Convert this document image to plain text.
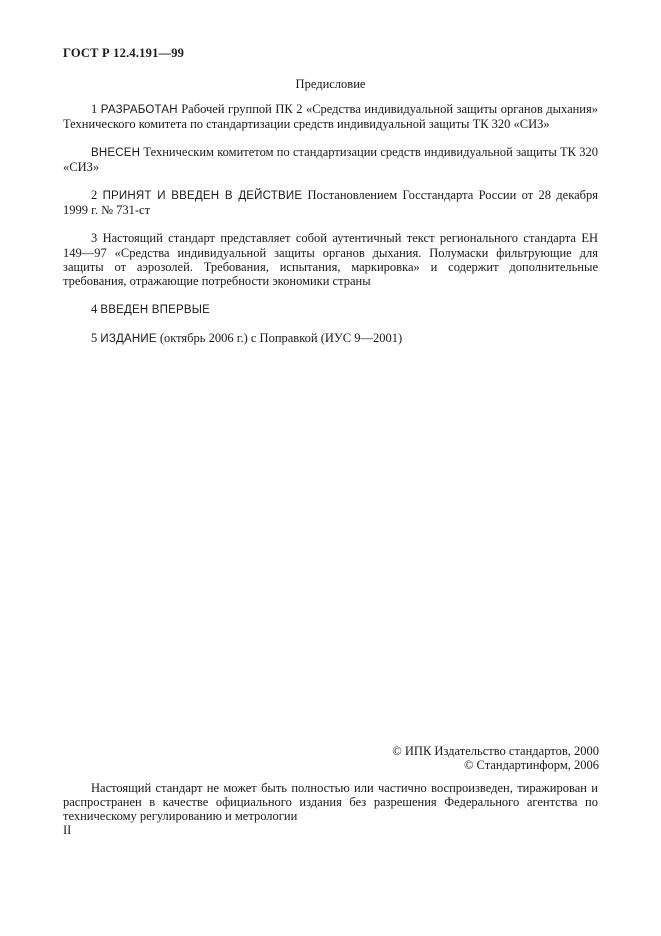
ГОСТ Р 12.4.191—99
Предисловие

1 РАЗРАБОТАН Рабочей группой ПК 2 «Средства индивидуальной защиты органов дыхания» Технического комитета по стандартизации средств индивидуальной защиты ТК 320 «СИЗ»

ВНЕСЕН Техническим комитетом по стандартизации средств индивидуальной защиты ТК 320 «СИЗ»

2 ПРИНЯТ И ВВЕДЕН В ДЕЙСТВИЕ Постановлением Госстандарта России от 28 декабря 1999 г. № 731-ст

3 Настоящий стандарт представляет собой аутентичный текст регионального стандарта ЕН 149—97 «Средства индивидуальной защиты органов дыхания. Полумаски фильтрующие для защиты от аэрозолей. Требования, испытания, маркировка» и содержит дополнительные требования, отражающие потребности экономики страны

4 ВВЕДЕН ВПЕРВЫЕ

5 ИЗДАНИЕ (октябрь 2006 г.) с Поправкой (ИУС 9—2001)

© ИПК Издательство стандартов, 2000
© Стандартинформ, 2006

Настоящий стандарт не может быть полностью или частично воспроизведен, тиражирован и распространен в качестве официального издания без разрешения Федерального агентства по техническому регулированию и метрологии

II
